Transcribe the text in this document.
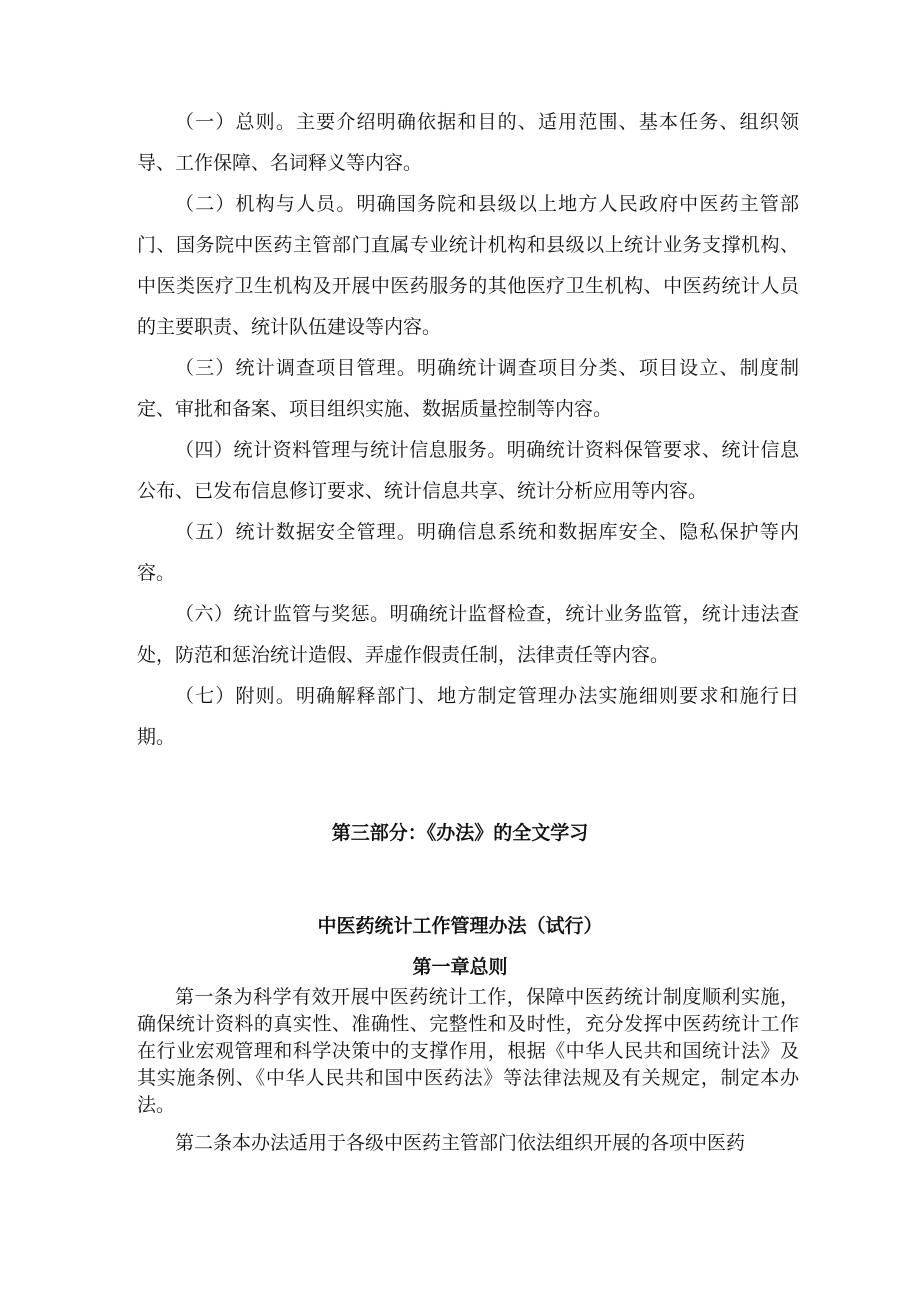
（一）总则。主要介绍明确依据和目的、适用范围、基本任务、组织领导、工作保障、名词释义等内容。

（二）机构与人员。明确国务院和县级以上地方人民政府中医药主管部门、国务院中医药主管部门直属专业统计机构和县级以上统计业务支撑机构、中医类医疗卫生机构及开展中医药服务的其他医疗卫生机构、中医药统计人员的主要职责、统计队伍建设等内容。

（三）统计调查项目管理。明确统计调查项目分类、项目设立、制度制定、审批和备案、项目组织实施、数据质量控制等内容。

（四）统计资料管理与统计信息服务。明确统计资料保管要求、统计信息公布、已发布信息修订要求、统计信息共享、统计分析应用等内容。

（五）统计数据安全管理。明确信息系统和数据库安全、隐私保护等内容。

（六）统计监管与奖惩。明确统计监督检查，统计业务监管，统计违法查处，防范和惩治统计造假、弄虚作假责任制，法律责任等内容。

（七）附则。明确解释部门、地方制定管理办法实施细则要求和施行日期。

第三部分：《办法》的全文学习
中医药统计工作管理办法（试行）
第一章总则

第一条为科学有效开展中医药统计工作，保障中医药统计制度顺利实施，确保统计资料的真实性、准确性、完整性和及时性，充分发挥中医药统计工作在行业宏观管理和科学决策中的支撑作用，根据《中华人民共和国统计法》及其实施条例、《中华人民共和国中医药法》等法律法规及有关规定，制定本办法。

第二条本办法适用于各级中医药主管部门依法组织开展的各项中医药
